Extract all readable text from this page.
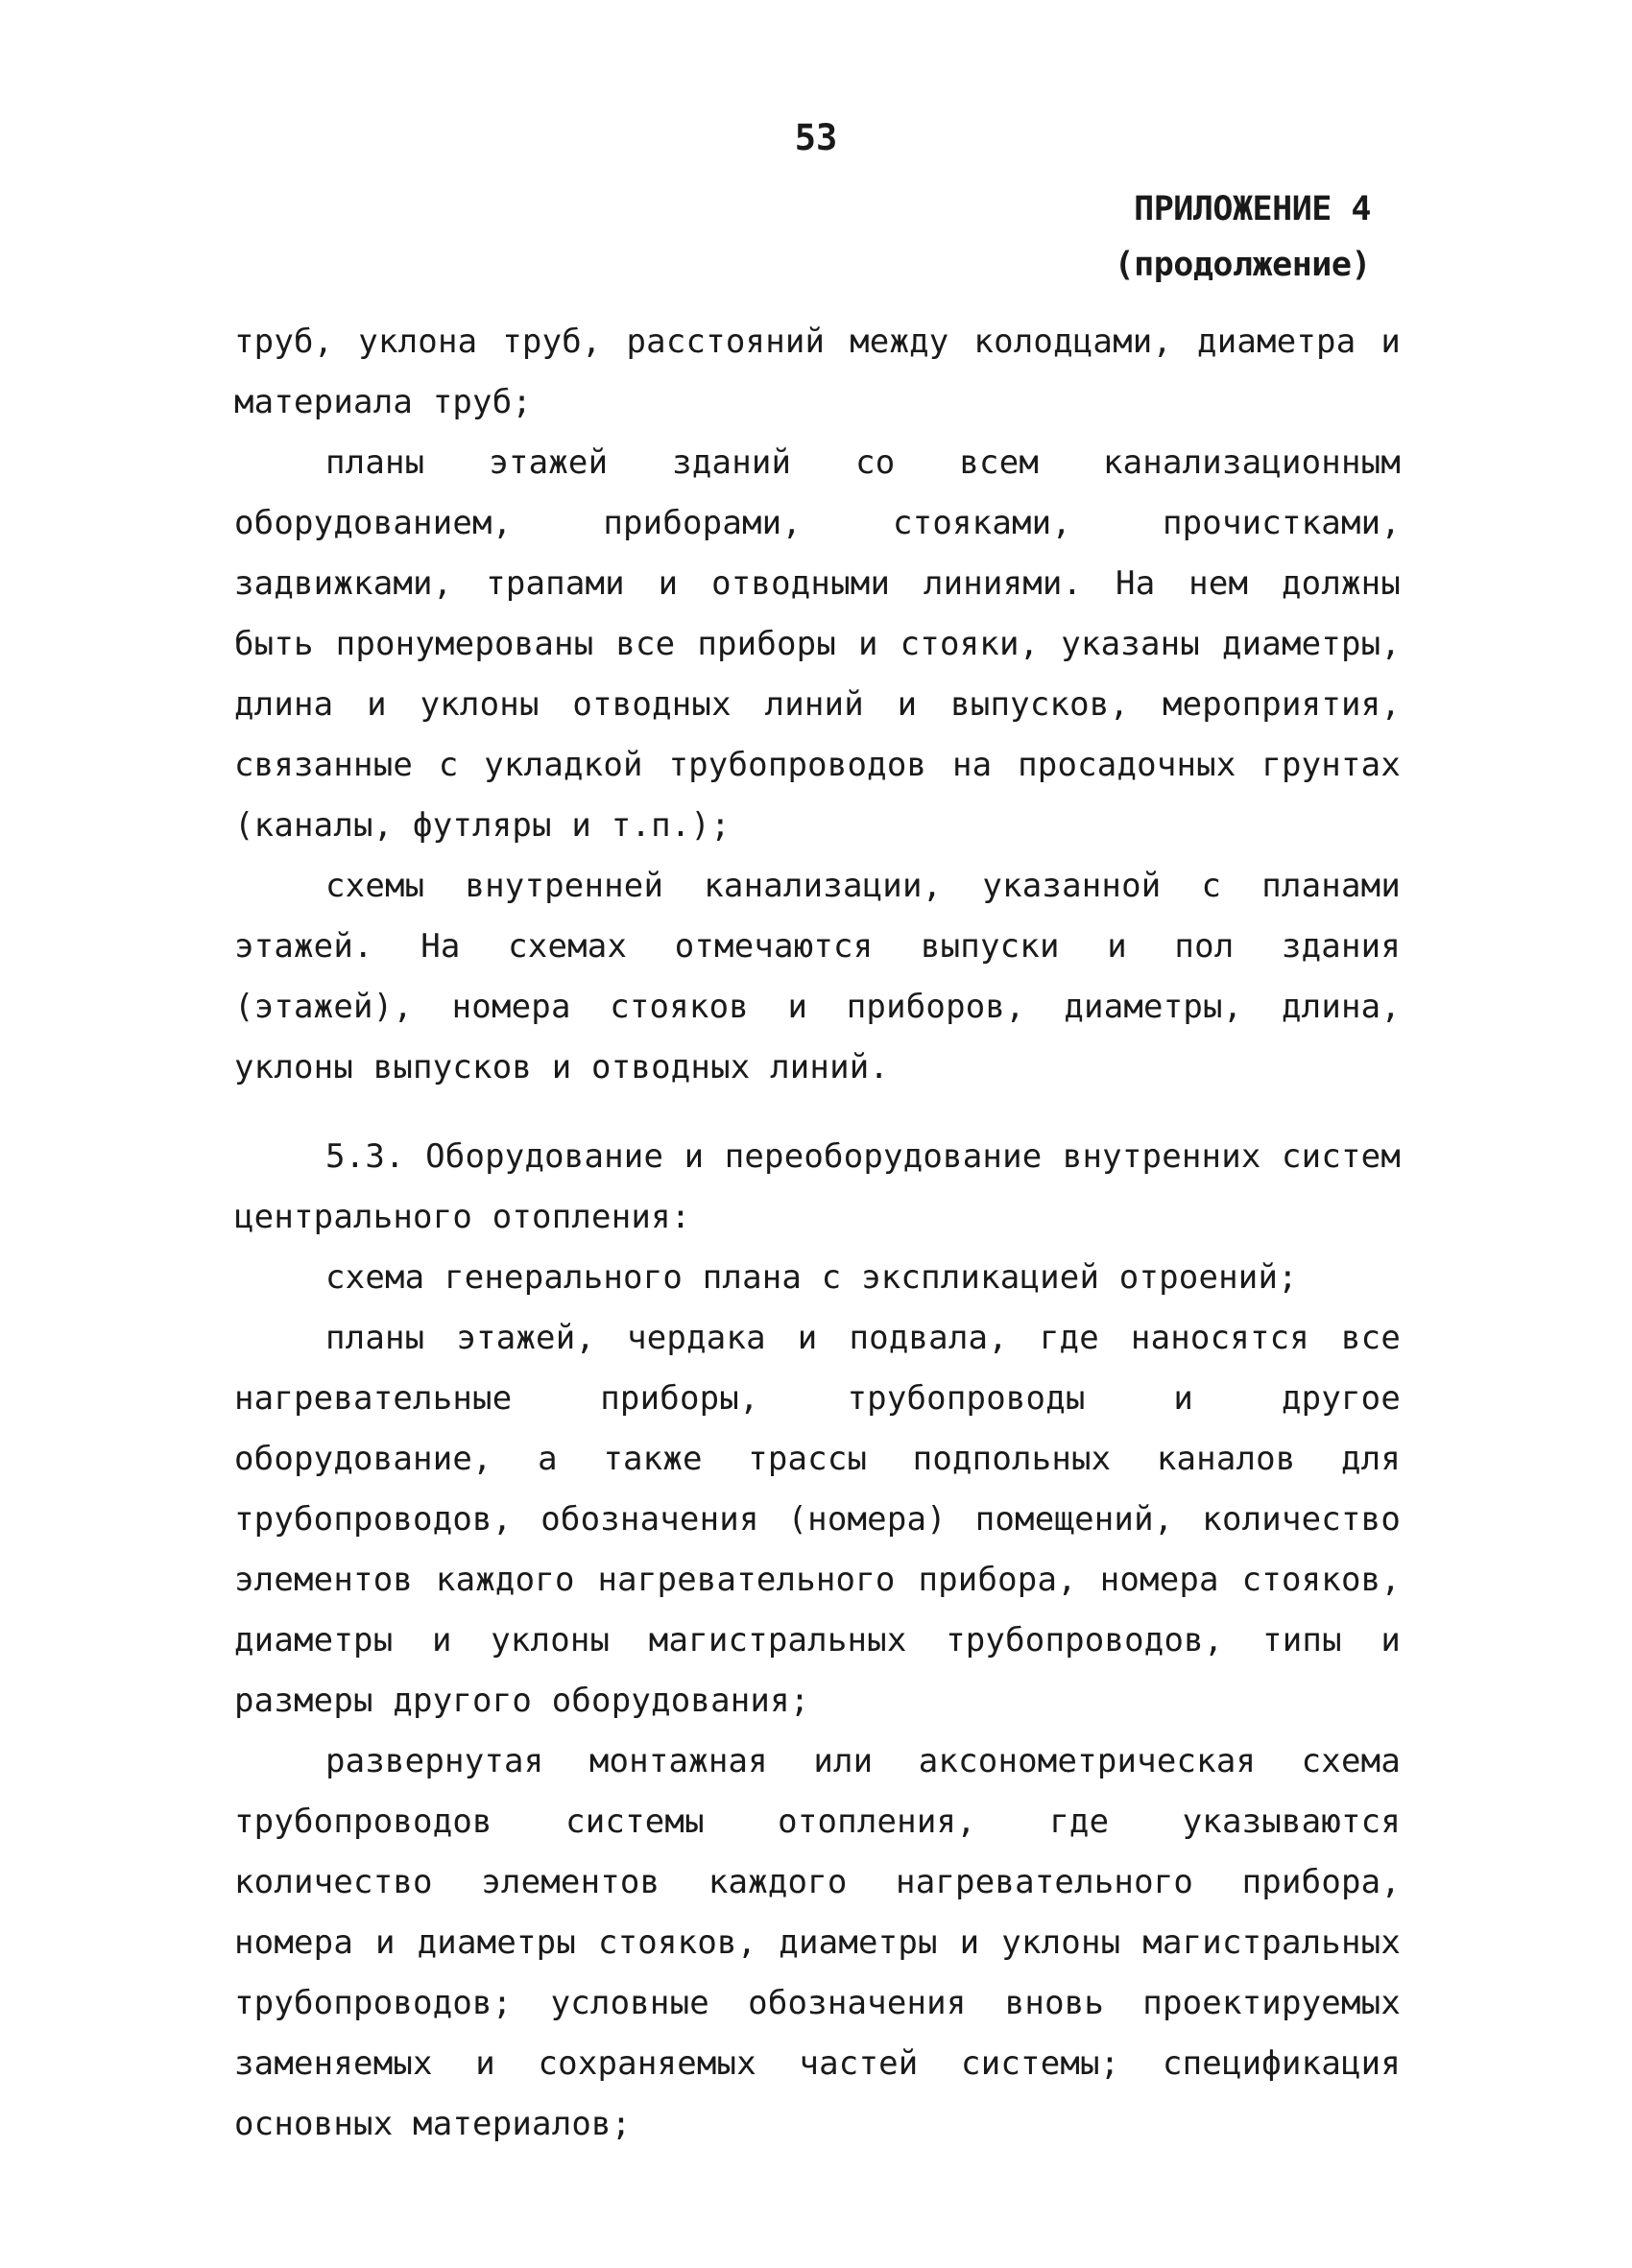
53
ПРИЛОЖЕНИЕ 4
(продолжение)

труб, уклона труб, расстояний между колодцами, диаметра и материала труб;

планы этажей зданий со всем канализационным оборудованием, приборами, стояками, прочистками, задвижками, трапами и отводными линиями. На нем должны быть пронумерованы все приборы и стояки, указаны диаметры, длина и уклоны отводных линий и выпусков, мероприятия, связанные с укладкой трубопроводов на просадочных грунтах (каналы, футляры и т.п.);

схемы внутренней канализации, указанной с планами этажей. На схемах отмечаются выпуски и пол здания (этажей), номера стояков и приборов, диаметры, длина, уклоны выпусков и отводных линий.

5.3. Оборудование и переоборудование внутренних систем центрального отопления:

схема генерального плана с экспликацией отроений;

планы этажей, чердака и подвала, где наносятся все нагревательные приборы, трубопроводы и другое оборудование, а также трассы подпольных каналов для трубопроводов, обозначения (номера) помещений, количество элементов каждого нагревательного прибора, номера стояков, диаметры и уклоны магистральных трубопроводов, типы и размеры другого оборудования;

развернутая монтажная или аксонометрическая схема трубопроводов системы отопления, где указываются количество элементов каждого нагревательного прибора, номера и диаметры стояков, диаметры и уклоны магистральных трубопроводов; условные обозначения вновь проектируемых заменяемых и сохраняемых частей системы; спецификация основных материалов;
